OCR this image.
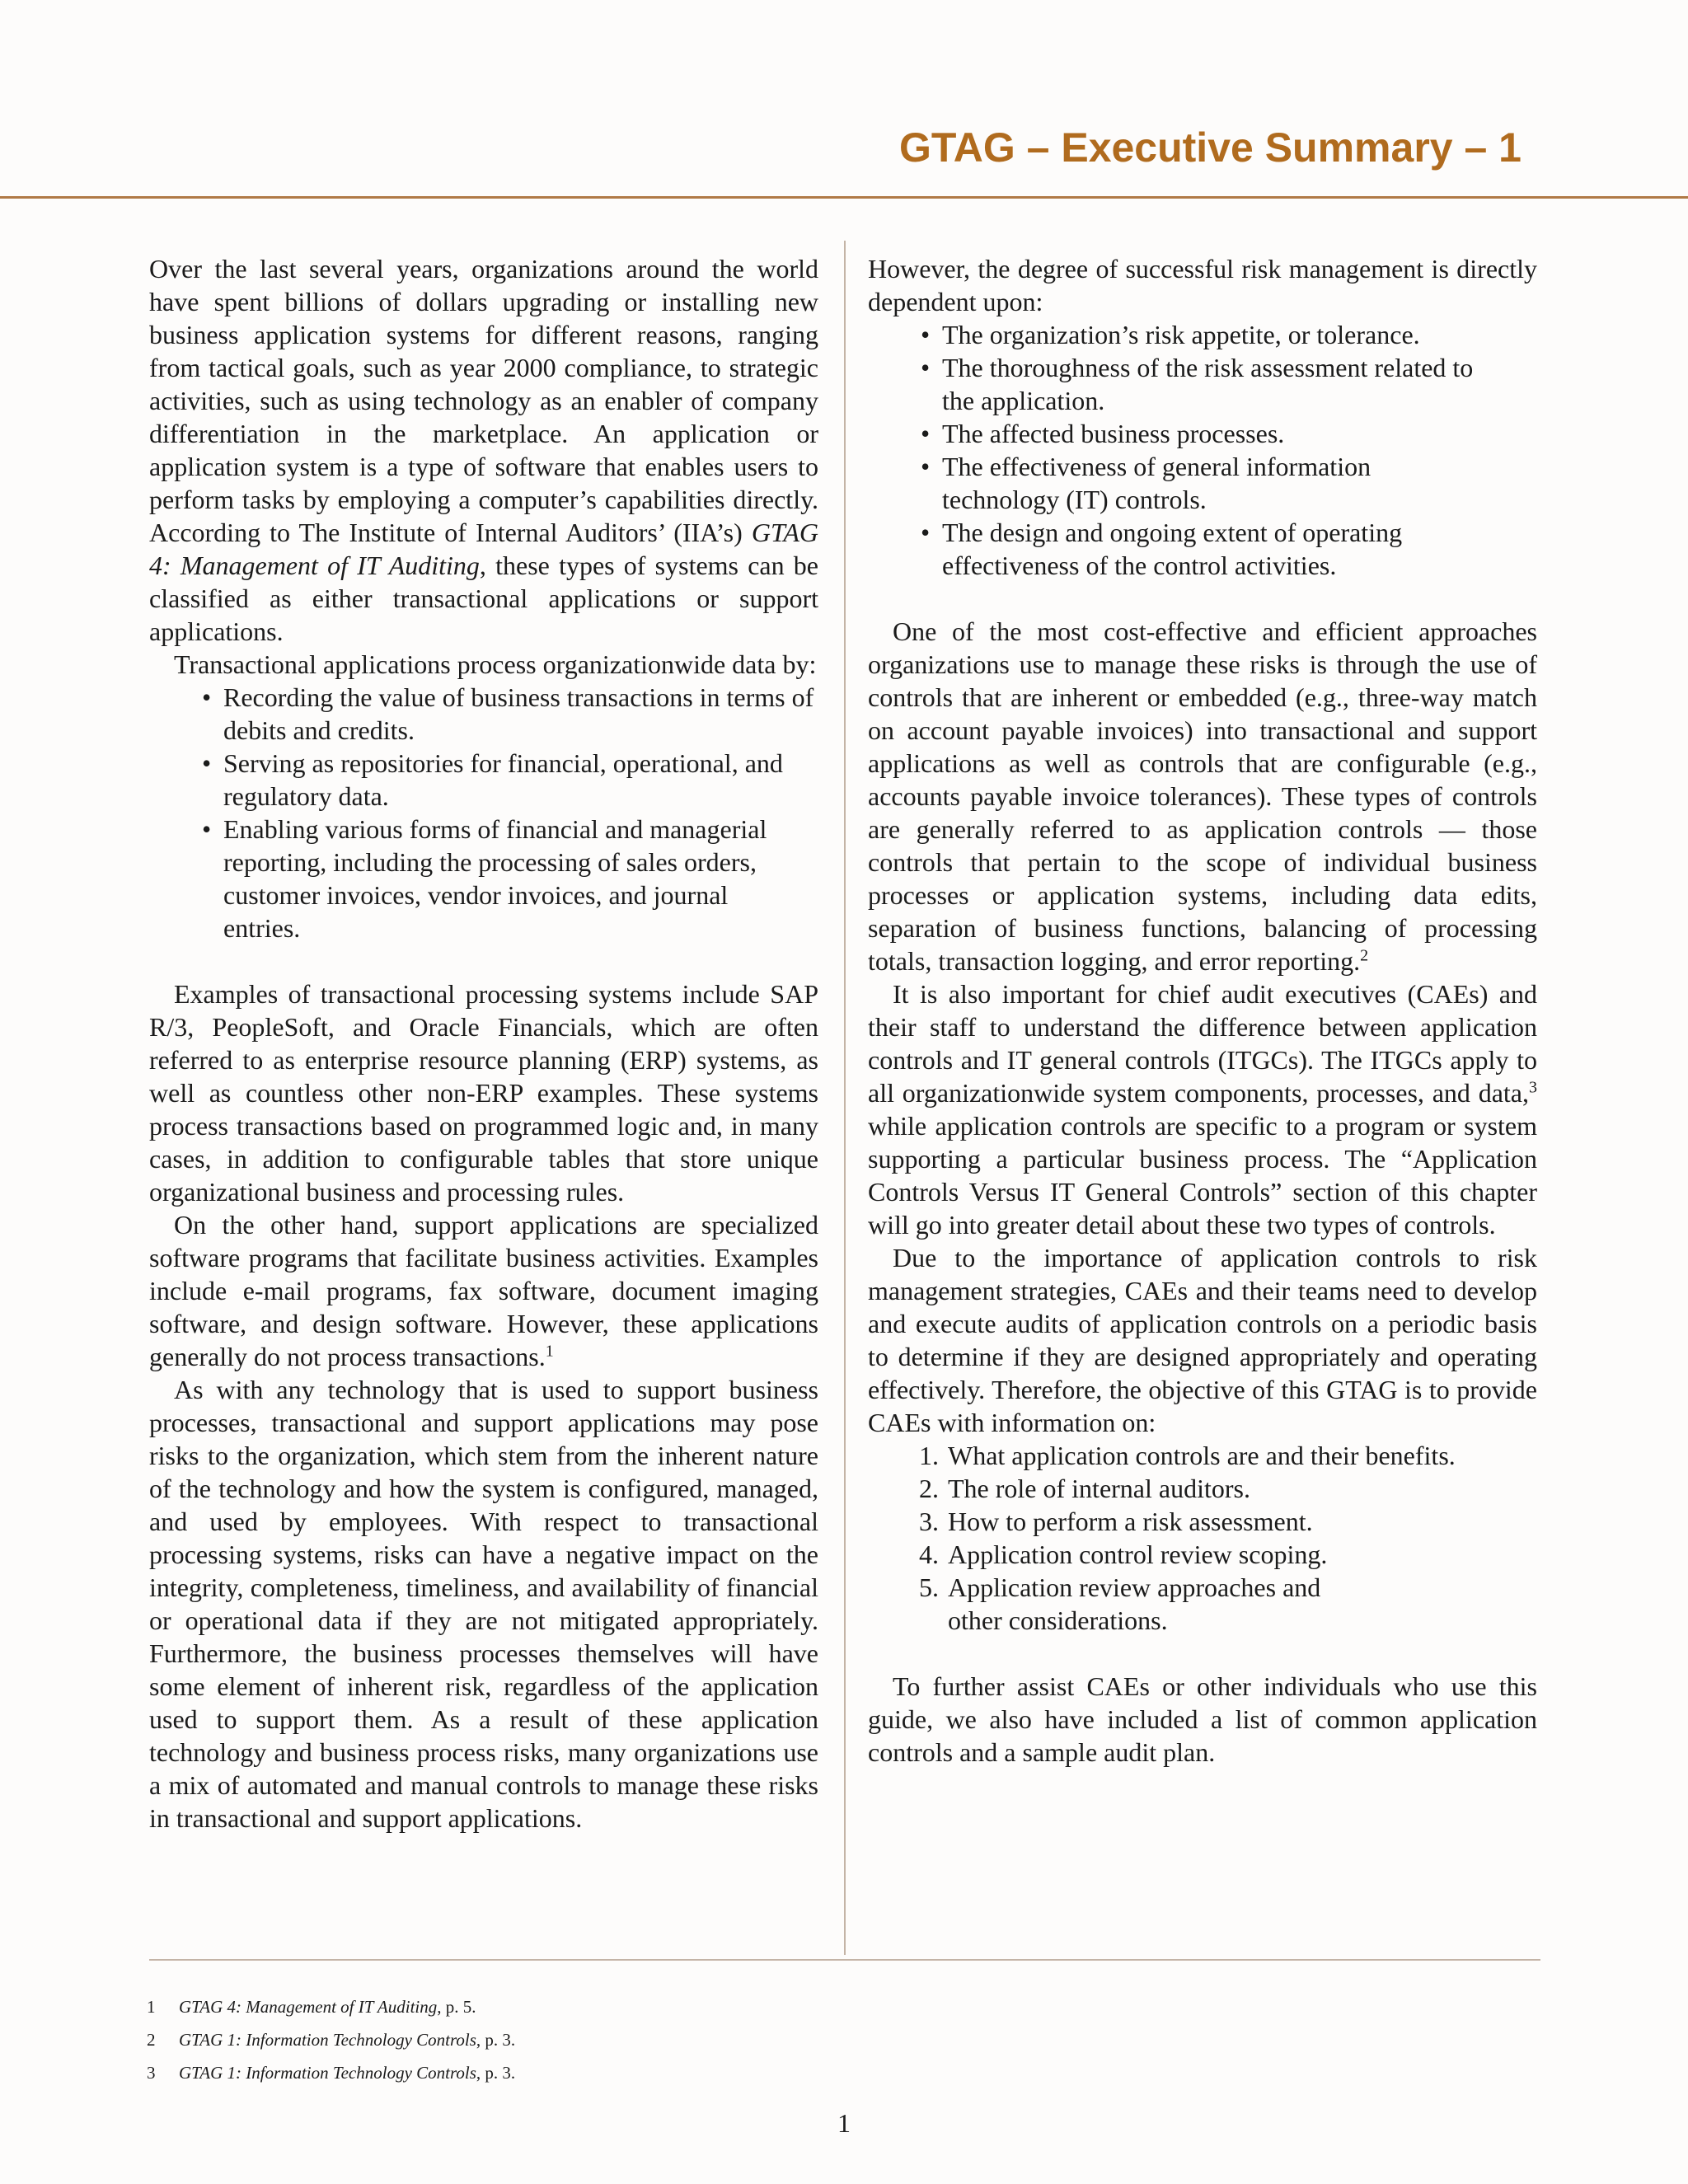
GTAG – Executive Summary – 1

Over the last several years, organizations around the world have spent billions of dollars upgrading or installing new business application systems for different reasons, ranging from tactical goals, such as year 2000 compliance, to strategic activities, such as using technology as an enabler of company differentiation in the marketplace. An application or application system is a type of software that enables users to perform tasks by employing a computer’s capabilities directly. According to The Institute of Internal Auditors’ (IIA’s) GTAG 4: Management of IT Auditing, these types of systems can be classified as either transactional applications or support applications.

Transactional applications process organizationwide data by:

• Recording the value of business transactions in terms of debits and credits.
• Serving as repositories for financial, operational, and regulatory data.
• Enabling various forms of financial and managerial reporting, including the processing of sales orders, customer invoices, vendor invoices, and journal entries.

Examples of transactional processing systems include SAP R/3, PeopleSoft, and Oracle Financials, which are often referred to as enterprise resource planning (ERP) systems, as well as countless other non-ERP examples. These systems process transactions based on programmed logic and, in many cases, in addition to configurable tables that store unique organizational business and processing rules.

On the other hand, support applications are specialized software programs that facilitate business activities. Examples include e-mail programs, fax software, document imaging software, and design software. However, these applications generally do not process transactions.$^1$

As with any technology that is used to support business processes, transactional and support applications may pose risks to the organization, which stem from the inherent nature of the technology and how the system is configured, managed, and used by employees. With respect to transactional processing systems, risks can have a negative impact on the integrity, completeness, timeliness, and availability of financial or operational data if they are not mitigated appropriately. Furthermore, the business processes themselves will have some element of inherent risk, regardless of the application used to support them. As a result of these application technology and business process risks, many organizations use a mix of automated and manual controls to manage these risks in transactional and support applications.

However, the degree of successful risk management is directly dependent upon:

• The organization’s risk appetite, or tolerance.
• The thoroughness of the risk assessment related to the application.
• The affected business processes.
• The effectiveness of general information technology (IT) controls.
• The design and ongoing extent of operating effectiveness of the control activities.

One of the most cost-effective and efficient approaches organizations use to manage these risks is through the use of controls that are inherent or embedded (e.g., three-way match on account payable invoices) into transactional and support applications as well as controls that are configurable (e.g., accounts payable invoice tolerances). These types of controls are generally referred to as application controls — those controls that pertain to the scope of individual business processes or application systems, including data edits, separation of business functions, balancing of processing totals, transaction logging, and error reporting.$^2$

It is also important for chief audit executives (CAEs) and their staff to understand the difference between application controls and IT general controls (ITGCs). The ITGCs apply to all organizationwide system components, processes, and data,$^3$ while application controls are specific to a program or system supporting a particular business process. The “Application Controls Versus IT General Controls” section of this chapter will go into greater detail about these two types of controls.

Due to the importance of application controls to risk management strategies, CAEs and their teams need to develop and execute audits of application controls on a periodic basis to determine if they are designed appropriately and operating effectively. Therefore, the objective of this GTAG is to provide CAEs with information on:

1. What application controls are and their benefits.
2. The role of internal auditors.
3. How to perform a risk assessment.
4. Application control review scoping.
5. Application review approaches and other considerations.

To further assist CAEs or other individuals who use this guide, we also have included a list of common application controls and a sample audit plan.

1 GTAG 4: Management of IT Auditing, p. 5.
2 GTAG 1: Information Technology Controls, p. 3.
3 GTAG 1: Information Technology Controls, p. 3.
1
